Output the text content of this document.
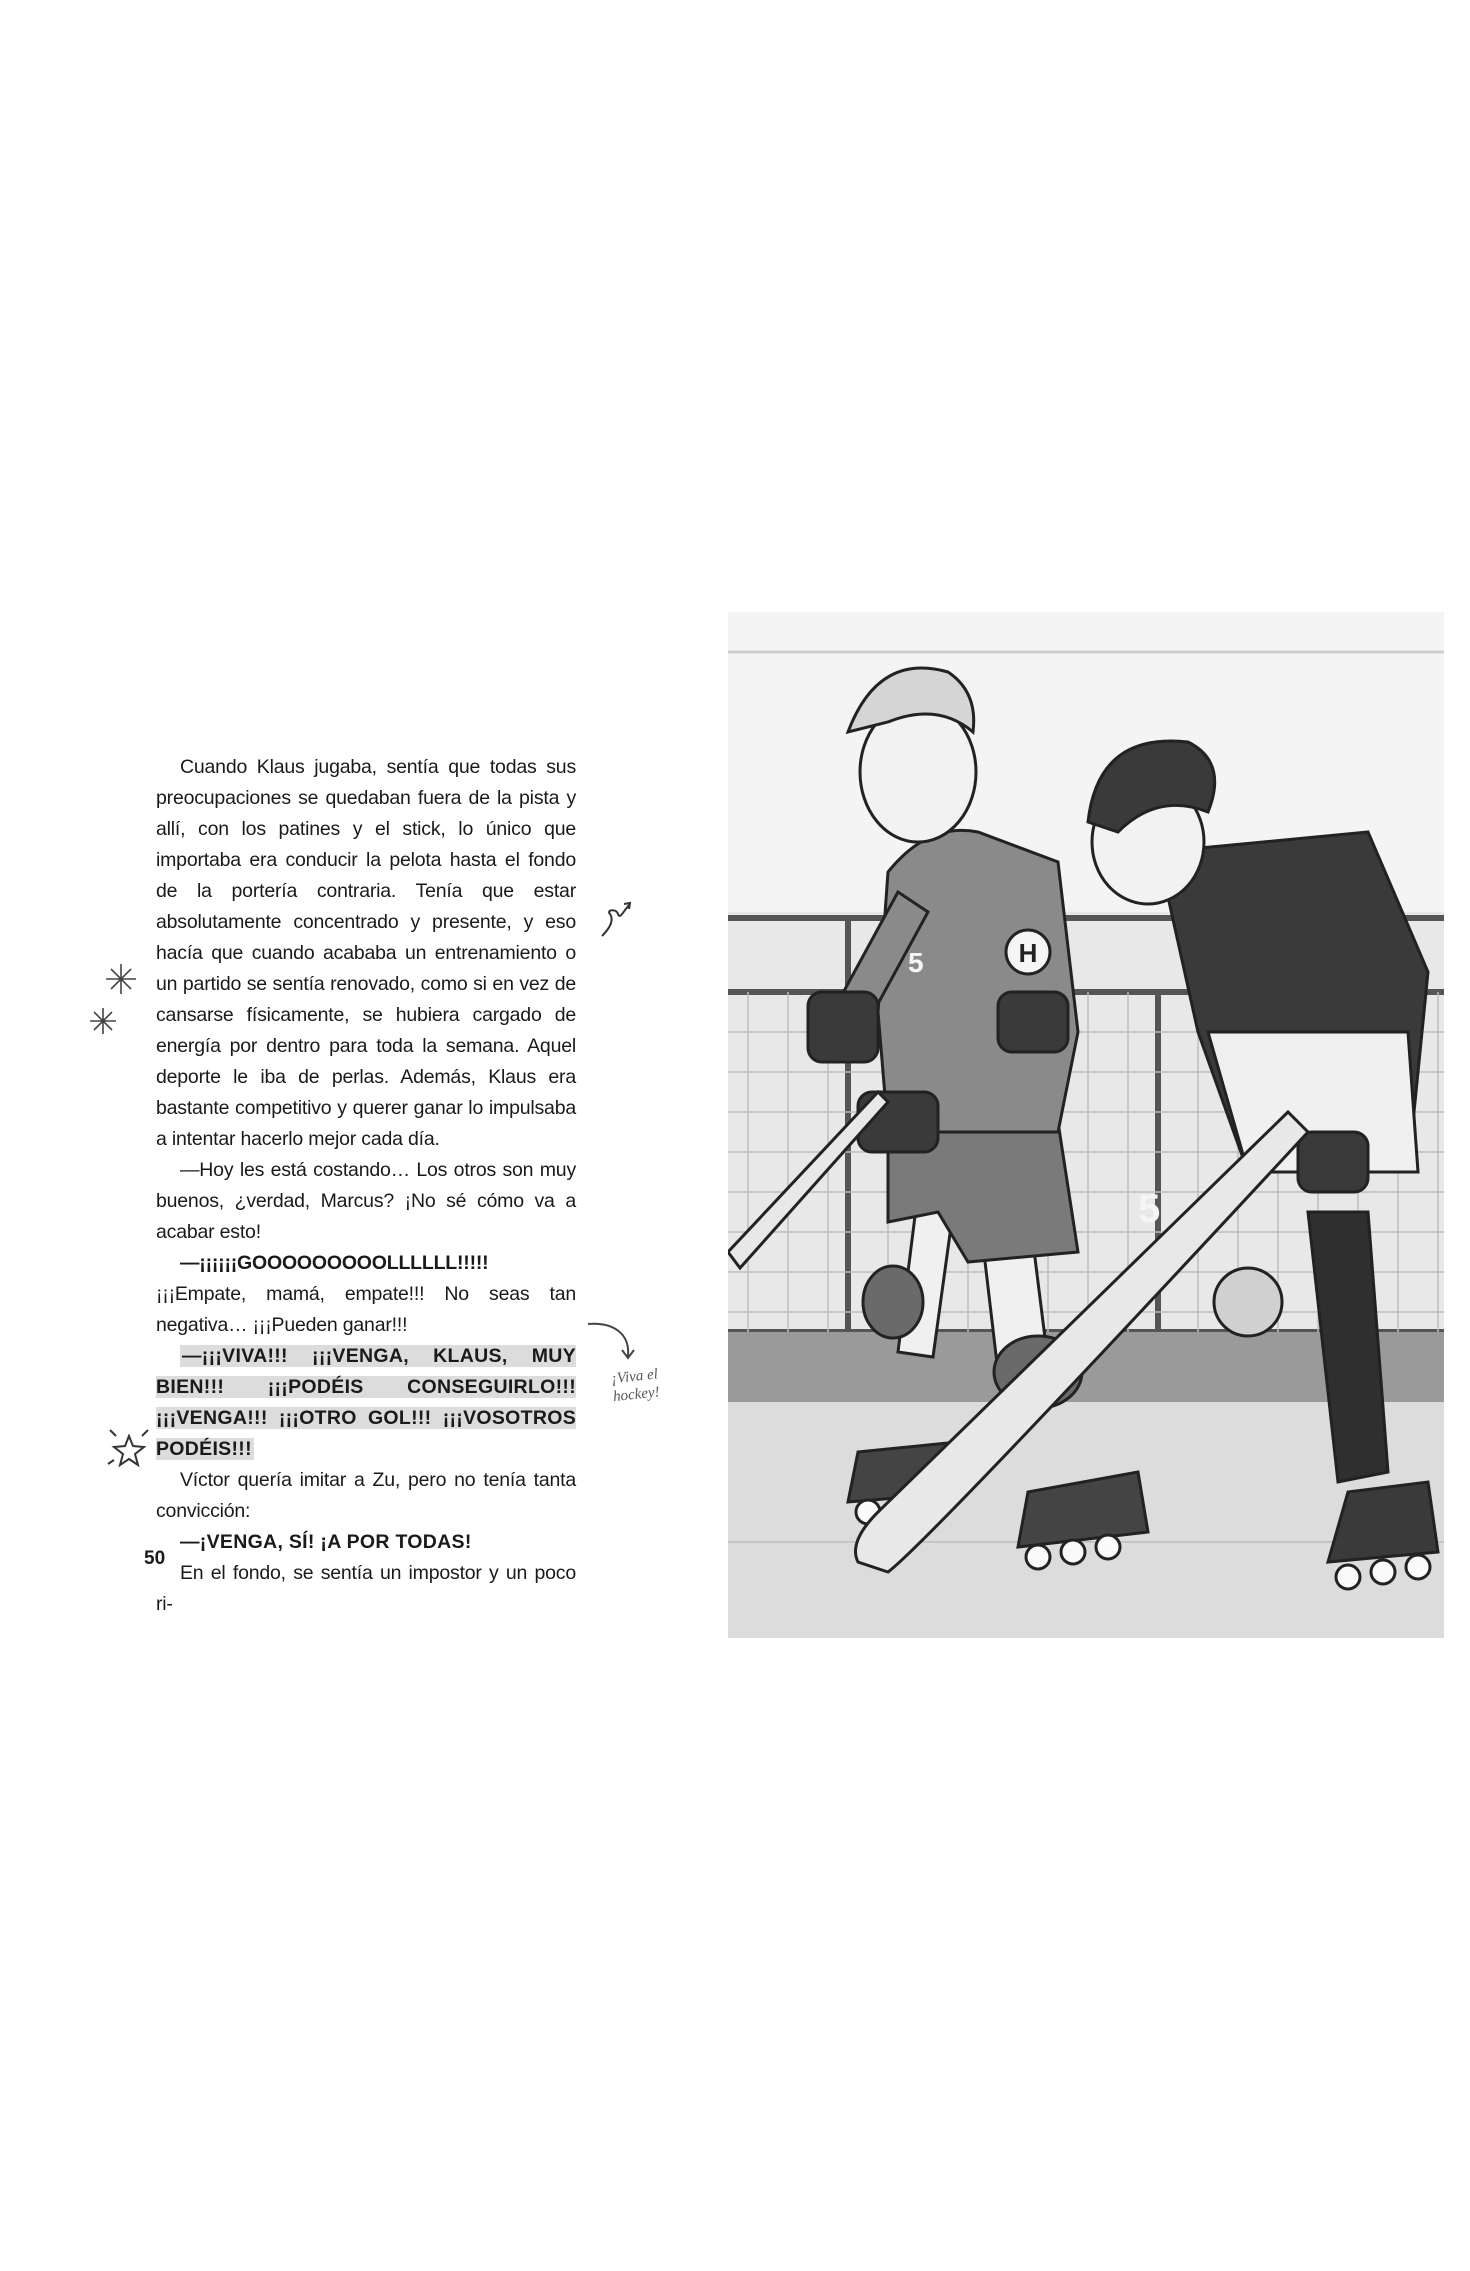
Cuando Klaus jugaba, sentía que todas sus preocupaciones se quedaban fuera de la pista y allí, con los patines y el stick, lo único que importaba era conducir la pelota hasta el fondo de la portería contraria. Tenía que estar absolutamente concentrado y presente, y eso hacía que cuando acababa un entrenamiento o un partido se sentía renovado, como si en vez de cansarse físicamente, se hubiera cargado de energía por dentro para toda la semana. Aquel deporte le iba de perlas. Además, Klaus era bastante competitivo y querer ganar lo impulsaba a intentar hacerlo mejor cada día.

—Hoy les está costando… Los otros son muy buenos, ¿verdad, Marcus? ¡No sé cómo va a acabar esto!

—¡¡¡¡¡¡GOOOOOOOOOLLLLLL!!!!! ¡¡¡Empate, mamá, empate!!! No seas tan negativa… ¡¡¡Pueden ganar!!!

—¡¡¡VIVA!!! ¡¡¡VENGA, KLAUS, MUY BIEN!!! ¡¡¡PODÉIS CONSEGUIRLO!!! ¡¡¡VENGA!!! ¡¡¡OTRO GOL!!! ¡¡¡VOSOTROS PODÉIS!!!

Víctor quería imitar a Zu, pero no tenía tanta convicción:

—¡VENGA, SÍ! ¡A POR TODAS!

En el fondo, se sentía un impostor y un poco ri-

50
¡Viva el hockey!
H
5
5
